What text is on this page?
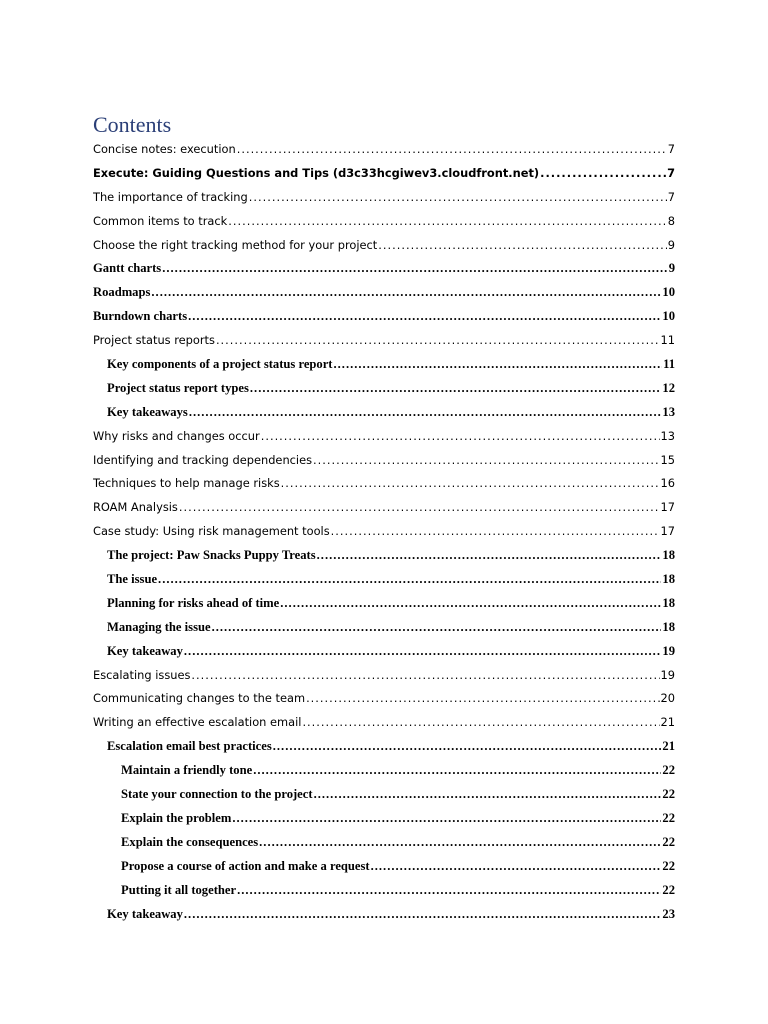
Contents
Concise notes: execution .....	7
Execute: Guiding Questions and Tips (d3c33hcgiwev3.cloudfront.net) .....	7
The importance of tracking .....	7
Common items to track .....	8
Choose the right tracking method for your project .....	9
Gantt charts .....	9
Roadmaps .....	10
Burndown charts .....	10
Project status reports .....	11
Key components of a project status report .....	11
Project status report types .....	12
Key takeaways .....	13
Why risks and changes occur .....	13
Identifying and tracking dependencies .....	15
Techniques to help manage risks .....	16
ROAM Analysis .....	17
Case study: Using risk management tools .....	17
The project: Paw Snacks Puppy Treats .....	18
The issue .....	18
Planning for risks ahead of time .....	18
Managing the issue .....	18
Key takeaway .....	19
Escalating issues .....	19
Communicating changes to the team .....	20
Writing an effective escalation email .....	21
Escalation email best practices .....	21
Maintain a friendly tone .....	22
State your connection to the project .....	22
Explain the problem .....	22
Explain the consequences .....	22
Propose a course of action and make a request .....	22
Putting it all together .....	22
Key takeaway .....	23
